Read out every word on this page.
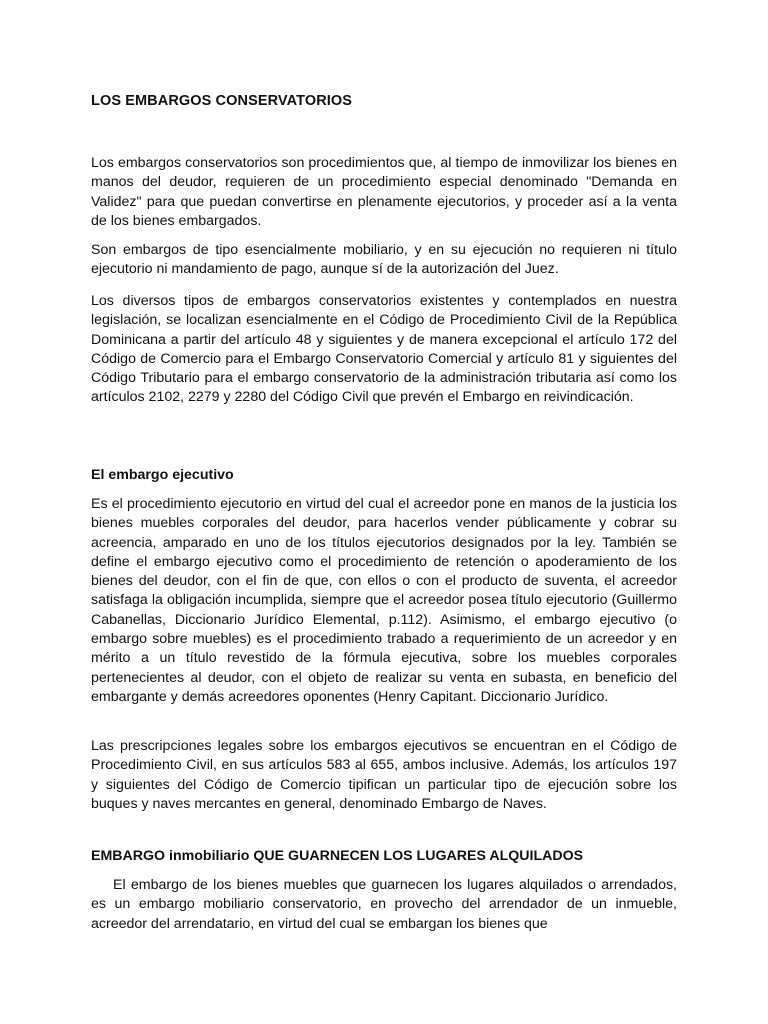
LOS EMBARGOS CONSERVATORIOS

Los embargos conservatorios son procedimientos que, al tiempo de inmovilizar los bienes en manos del deudor, requieren de un procedimiento especial denominado "Demanda en Validez" para que puedan convertirse en plenamente ejecutorios, y proceder así a la venta de los bienes embargados.

Son embargos de tipo esencialmente mobiliario, y en su ejecución no requieren ni título ejecutorio ni mandamiento de pago, aunque sí de la autorización del Juez.

Los diversos tipos de embargos conservatorios existentes y contemplados en nuestra legislación, se localizan esencialmente en el Código de Procedimiento Civil de la República Dominicana a partir del artículo 48 y siguientes y de manera excepcional el artículo 172 del Código de Comercio para el Embargo Conservatorio Comercial y artículo 81 y siguientes del Código Tributario para el embargo conservatorio de la administración tributaria así como los artículos 2102, 2279 y 2280 del Código Civil que prevén el Embargo en reivindicación.

El embargo ejecutivo

Es el procedimiento ejecutorio en virtud del cual el acreedor pone en manos de la justicia los bienes muebles corporales del deudor, para hacerlos vender públicamente y cobrar su acreencia, amparado en uno de los títulos ejecutorios designados por la ley. También se define el embargo ejecutivo como el procedimiento de retención o apoderamiento de los bienes del deudor, con el fin de que, con ellos o con el producto de suventa, el acreedor satisfaga la obligación incumplida, siempre que el acreedor posea título ejecutorio (Guillermo Cabanellas, Diccionario Jurídico Elemental, p.112). Asimismo, el embargo ejecutivo (o embargo sobre muebles) es el procedimiento trabado a requerimiento de un acreedor y en mérito a un título revestido de la fórmula ejecutiva, sobre los muebles corporales pertenecientes al deudor, con el objeto de realizar su venta en subasta, en beneficio del embargante y demás acreedores oponentes (Henry Capitant. Diccionario Jurídico.

Las prescripciones legales sobre los embargos ejecutivos se encuentran en el Código de Procedimiento Civil, en sus artículos 583 al 655, ambos inclusive. Además, los artículos 197 y siguientes del Código de Comercio tipifican un particular tipo de ejecución sobre los buques y naves mercantes en general, denominado Embargo de Naves.

EMBARGO inmobiliario QUE GUARNECEN LOS LUGARES ALQUILADOS

El embargo de los bienes muebles que guarnecen los lugares alquilados o arrendados, es un embargo mobiliario conservatorio, en provecho del arrendador de un inmueble, acreedor del arrendatario, en virtud del cual se embargan los bienes que
